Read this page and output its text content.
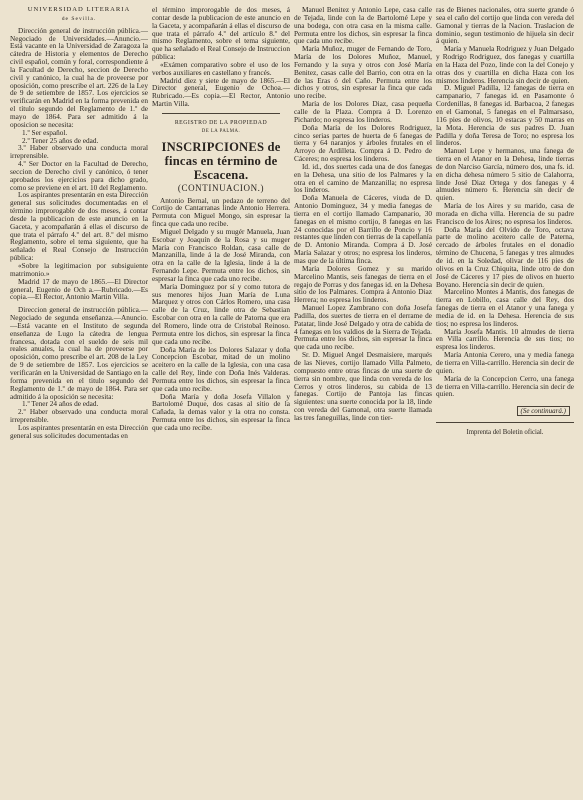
UNIVERSIDAD LITERARIA
de Sevilla.

Dirección general de instrucción pública.—Negociado de Universidades.—Anuncio.—Está vacante en la Universidad de Zaragoza la cátedra de Historia y elementos de Derecho civil español, común y foral, correspondiente á la Facultad de Derecho, seccion de Derecho civil y canónico, la cual ha de proveerse por oposición, como prescribe el art. 226 de la Ley de 9 de setiembre de 1857. Los ejercicios se verificarán en Madrid en la forma prevenida en el título segundo del Reglamento de 1.º de mayo de 1864. Para ser admitido á la oposicion se necesita:

1.º Ser español.

2.º Tener 25 años de edad.

3.º Haber observado una conducta moral irreprensible.

4.º Ser Doctor en la Facultad de Derecho, seccion de Derecho civil y canónico, ó tener aprobados los ejercicios para dicho grado, como se previene en el art. 10 del Reglamento.

Los aspirantes presentarán en esta Dirección general sus solicitudes documentadas en el término improrogable de dos meses, á contar desde la publicacion de este anuncio en la Gaceta, y acompañarán á ellas el discurso de que trata el párrafo 4.º del art. 8.º del mismo Reglamento, sobre el tema siguiente, que ha señalado el Real Consejo de Instrucción pública:

«Sobre la legitimacion por subsiguiente matrimonio.»

Madrid 17 de mayo de 1865.—El Director general, Eugenio de Och a.—Rubricado.—Es copia.—El Rector, Antonio Martin Villa.

Direccion general de instrucción pública.—Negociado de segunda enseñanza.—Anuncio.—Está vacante en el Instituto de segunda enseñanza de Lugo la cátedra de lengua francesa, dotada con el sueldo de seis mil reales anuales, la cual ha de proveerse por oposición, como prescribe el art. 208 de la Ley de 9 de setiembre de 1857. Los ejercicios se verificarán en la Universidad de Santiago en la forma prevenida en el titulo segundo del Reglamento de 1.º de mayo de 1864. Para ser admitido á la oposición se necesita:

1.º Tener 24 años de edad.

2.º Haber observado una conducta moral irreprensible.

Los aspirantes presentarán en esta Dirección general sus solicitudes documentadas en

el término improrogable de dos meses, á contar desde la publicacion de este anuncio en la Gaceta, y acompañarán á ellas el discurso de que trata el párrafo 4.º del artículo 8.º del mismo Reglamento, sobre el tema siguiente, que ha señalado el Real Consejo de Instruccion pública:

«Exámen comparativo sobre el uso de los verbos auxiliares en castellano y francés.

Madrid diez y siete de mayo de 1865.—El Director general, Eugenio de Ochoa.—Rubricado.—Es copia.—El Rector, Antonio Martin Villa.

REGISTRO DE LA PROPIEDAD
DE LA PALMA.
INSCRIPCIONES de fincas en término de Escacena.
(CONTINUACION.)

Antonio Bernal, un pedazo de terreno del Cortijo de Cantarranas linde Antonio Herrera. Permuta con Miguel Mongo, sin espresar la finca que cada uno recibe.

Miguel Delgado y su mugér Manuela, Juan Escobar y Joaquín de la Rosa y su muger María con Francisco Roldan, casa calle de Manzanilla, linde á la de José Miranda, con otra en la calle de la Iglesia, linde á la de Fernando Lepe. Permuta entre los dichos, sin espresar la finca que cada uno recibe.

María Dominguez por sí y como tutora de sus menores hijos Juan María de Luna Marquez y otros con Cárlos Romero, una casa calle de la Cruz, linde otra de Sebastian Escobar con otra en la calle de Patorna que era del Romero, linde otra de Cristobal Reinoso. Permuta entre los dichos, sin espresar la finca que cada uno recibe.

Doña María de los Dolores Salazar y doña Concepcion Escobar, mitad de un molino aceitero en la calle de la Iglesia, con una casa calle del Rey, linde con Doña Inés Valderas. Permuta entre los dichos, sin espresar la finca que cada uno recibe.

Doña María y doña Josefa Villalon y Bartolomé Duque, dos casas al sitio de la Cañada, la demas valor y la otra no consta. Permuta entre los dichos, sin espresar la finca que cada uno recibe.

Manuel Benitez y Antonio Lepe, casa calle de Tejada, linde con la de Bartolomé Lepe y una bodega, con otra casa en la misma calle. Permuta entre los dichos, sin espresar la finca que cada uno recibe.

María Muñoz, muger de Fernando de Toro, María de los Dolores Muñoz, Manuel, Fernando y la suya y otros con José María Benitez, casas calle del Barrio, con otra en la de las Eras ó del Caño. Permuta entre los dichos y otros, sin espresar la finca que cada uno recibe.

María de los Dolores Diaz, casa pequeña calle de la Plaza. Compra á D. Lorenzo Pichardo; no espresa los linderos.

Doña María de los Dolores Rodriguez, cinco serias partes de huerta de 6 fanegas de tierra y 64 naranjos y árboles frutales en el Arroyo de Ardilleta. Compra á D. Pedro de Cáceres; no espresa los linderos.

Id. id., dos suertes cada una de dos fanegas en la Dehesa, una sitio de los Palmares y la otra en el camino de Manzanilla; no espresa los linderos.

Doña Manuela de Cáceres, viuda de D. Antonio Dominguez, 34 y media fanegas de tierra en el cortijo llamado Campanario, 30 fanegas en el mismo cortijo, 8 fanegas en las 24 conocidas por el Barrillo de Poncio y 16 restantes que linden con tierras de la capellanía de D. Antonio Miranda. Compra á D. José María Salazar y otros; no espresa los linderos, mas que de la última finca.

María Dolores Gomez y su marido Marcelino Mantis, seis fanegas de tierra en el regajo de Porras y dos fanegas id. en la Dehesa sitio de los Palmares. Compra á Antonio Diaz Herrera; no espresa los linderos.

Manuel Lopez Zambrano con doña Josefa Padilla, dos suertes de tierra en el derrame de Patatar, linde José Delgado y otra de cabida de 4 fanegas en los valdios de la Sierra de Tejada. Permuta entre los dichos, sin espresar la finca que cada uno recibe.

Sr. D. Miguel Angel Desmaisiere, marqués de las Nieves, cortijo llamado Villa Palmeto, compuesto entre otras fincas de una suerte de tierra sin nombre, que linda con vereda de los Cerros y otros linderos, su cabida de 13 fanegas. Cortijo de Pantoja las fincas siguientes: una suerte conocida por la 18, linde con vereda del Gamonal, otra suerte llamada las tres faneguillas, linde con tier-

ras de Bienes nacionales, otra suerte grande ó sea el caño del cortijo que linda con vereda del Gamonal y tierras de la Nacion. Traslacion de dominio, segun testimonio de hijuela sin decir á quien.

María y Manuela Rodriguez y Juan Delgado y Rodrigo Rodriguez, dos fanegas y cuartilla en la Haza del Pozo, linde con la del Conejo y otras dos y cuartilla en dicha Haza con los mismos linderos. Herencia sin decir de quien.

D. Miguel Padilla, 12 fanegas de tierra en campanario, 7 fanegas id. en Pasamonte ó Cordenillas, 8 fanegas id. Barbacoa, 2 fanegas en el Gamonal, 5 fanegas en el Palmarsaso, 116 pies de olivos, 10 estacas y 50 marras en la Mota. Herencia de sus padres D. Juan Padilla y doña Teresa de Toro; no espresa los linderos.

Manuel Lepe y hermanos, una fanega de tierra en el Atanor en la Dehesa, linde tierras de don Narciso García, número dos, una fs. id. en dicha dehesa número 5 sitio de Calahorra, linde José Diaz Ortega y dos fanegas y 4 almudes número 6. Herencia sin decir de quien.

María de los Aires y su marido, casa de morada en dicha villa. Herencia de su padre Francisco de los Aires; no espresa los linderos.

Doña María del Olvido de Toro, octava parte de molino aceitero calle de Paterna, cercado de árboles frutales en el donadío término de Chucena, 5 fanegas y tres almudes de id. en la Soledad, olivar de 116 pies de olivos en la Cruz Chiquita, linde otro de don José de Cáceres y 17 pies de olivos en huerto Boyano. Herencia sin decir de quien.

Marcelino Montes á Mantis, dos fanegas de tierra en Lobillo, casa calle del Rey, dos fanegas de tierra en el Atanor y una fanega y media de id. en la Dehesa. Herencia de sus tios; no espresa los linderos.

María Josefa Mantis. 10 almudes de tierra en Villa carrillo. Herencia de sus tios; no espresa los linderos.

María Antonia Cerero, una y media fanega de tierra en Villa-carrillo. Herencia sin decir de quien.

María de la Concepcion Cerro, una fanega de tierra en Villa-carrillo. Herencia sin decir de quien.

(Se continuará.)
Imprenta del Boletin oficial.
